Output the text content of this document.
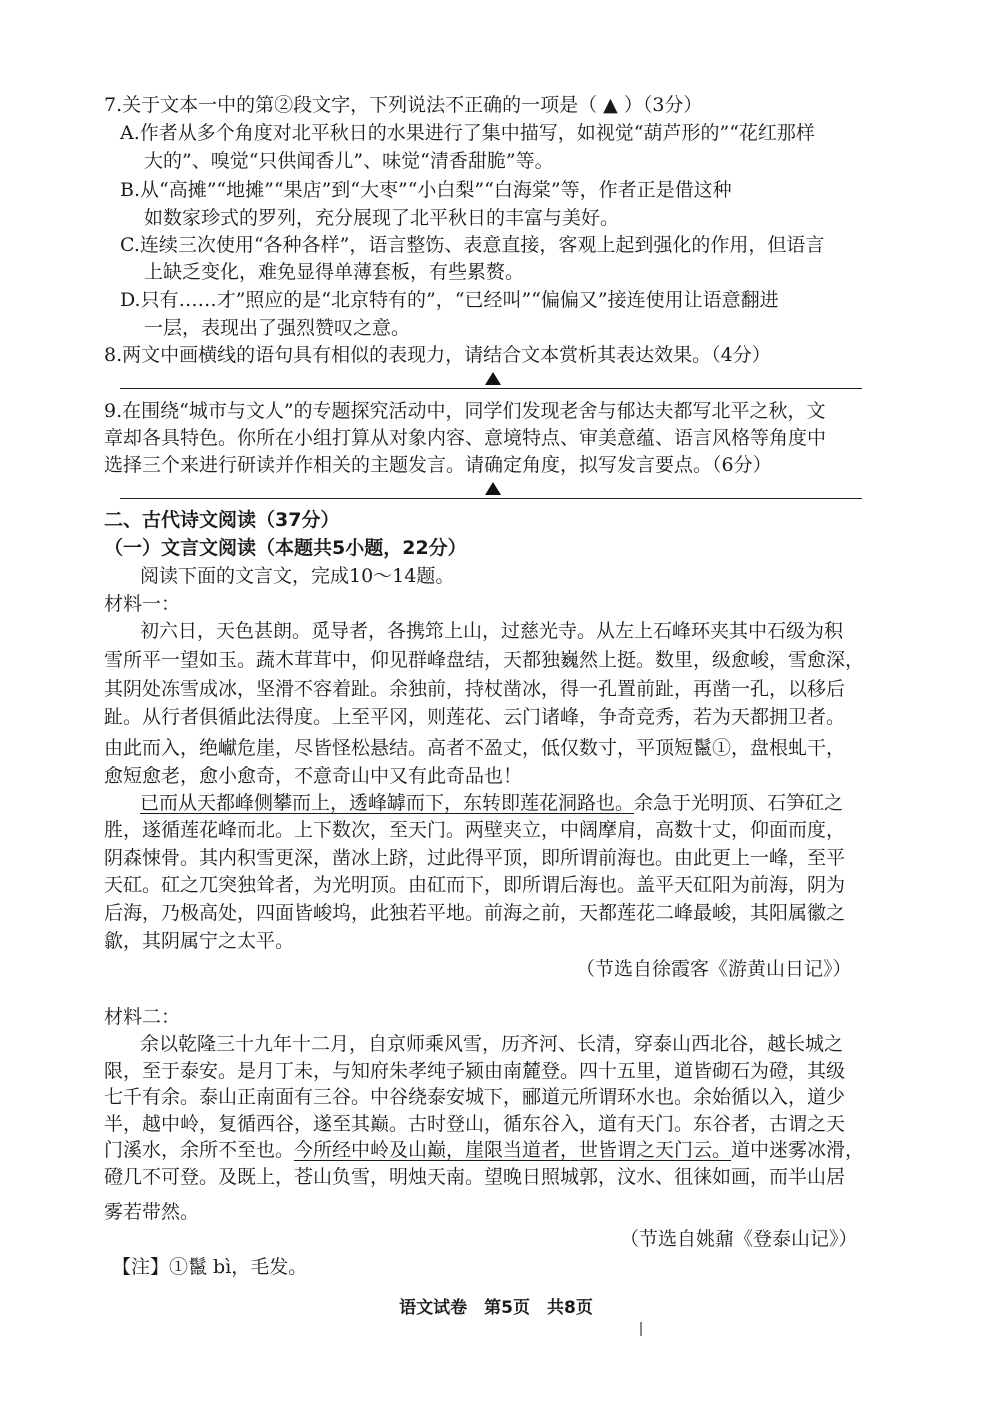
7.关于文本一中的第②段文字，下列说法不正确的一项是（ ▲ ）（3分）
A.作者从多个角度对北平秋日的水果进行了集中描写，如视觉“葫芦形的”“花红那样
大的”、嗅觉“只供闻香儿”、味觉“清香甜脆”等。
B.从“高摊”“地摊”“果店”到“大枣”“小白梨”“白海棠”等，作者正是借这种
如数家珍式的罗列，充分展现了北平秋日的丰富与美好。
C.连续三次使用“各种各样”，语言整饬、表意直接，客观上起到强化的作用，但语言
上缺乏变化，难免显得单薄套板，有些累赘。
D.只有……才”照应的是“北京特有的”，“已经叫”“偏偏又”接连使用让语意翻进
一层，表现出了强烈赞叹之意。
8.两文中画横线的语句具有相似的表现力，请结合文本赏析其表达效果。（4分）
9.在围绕“城市与文人”的专题探究活动中，同学们发现老舍与郁达夫都写北平之秋，文
章却各具特色。你所在小组打算从对象内容、意境特点、审美意蕴、语言风格等角度中
选择三个来进行研读并作相关的主题发言。请确定角度，拟写发言要点。（6分）
二、古代诗文阅读（37分）
（一）文言文阅读（本题共5小题，22分）
阅读下面的文言文，完成10～14题。
材料一：
初六日，天色甚朗。觅导者，各携筇上山，过慈光寺。从左上石峰环夹其中石级为积
雪所平一望如玉。蔬木茸茸中，仰见群峰盘结，天都独巍然上挺。数里，级愈峻，雪愈深，
其阴处冻雪成冰，坚滑不容着趾。余独前，持杖凿冰，得一孔置前趾，再凿一孔，以移后
趾。从行者俱循此法得度。上至平冈，则莲花、云门诸峰，争奇竞秀，若为天都拥卫者。
由此而入，绝𪩘危崖，尽皆怪松悬结。高者不盈丈，低仅数寸，平顶短鬣①，盘根虬干，
愈短愈老，愈小愈奇，不意奇山中又有此奇品也！
已而从天都峰侧攀而上，透峰罅而下，东转即莲花洞路也。余急于光明顶、石笋矼之
胜，遂循莲花峰而北。上下数次，至天门。两壁夹立，中阔摩肩，高数十丈，仰面而度，
阴森悚骨。其内积雪更深，凿冰上跻，过此得平顶，即所谓前海也。由此更上一峰，至平
天矼。矼之兀突独耸者，为光明顶。由矼而下，即所谓后海也。盖平天矼阳为前海，阴为
后海，乃极高处，四面皆峻坞，此独若平地。前海之前，天都莲花二峰最峻，其阳属徽之
歙，其阴属宁之太平。
（节选自徐霞客《游黄山日记》）
材料二：
余以乾隆三十九年十二月，自京师乘风雪，历齐河、长清，穿泰山西北谷，越长城之
限，至于泰安。是月丁未，与知府朱孝纯子颍由南麓登。四十五里，道皆砌石为磴，其级
七千有余。泰山正南面有三谷。中谷绕泰安城下，郦道元所谓环水也。余始循以入，道少
半，越中岭，复循西谷，遂至其巅。古时登山，循东谷入，道有天门。东谷者，古谓之天
门溪水，余所不至也。今所经中岭及山巅，崖限当道者，世皆谓之天门云。道中迷雾冰滑，
磴几不可登。及既上，苍山负雪，明烛天南。望晚日照城郭，汶水、徂徕如画，而半山居
雾若带然。
（节选自姚鼐《登泰山记》）
【注】①鬣 bì，毛发。
语文试卷　第5页　共8页
